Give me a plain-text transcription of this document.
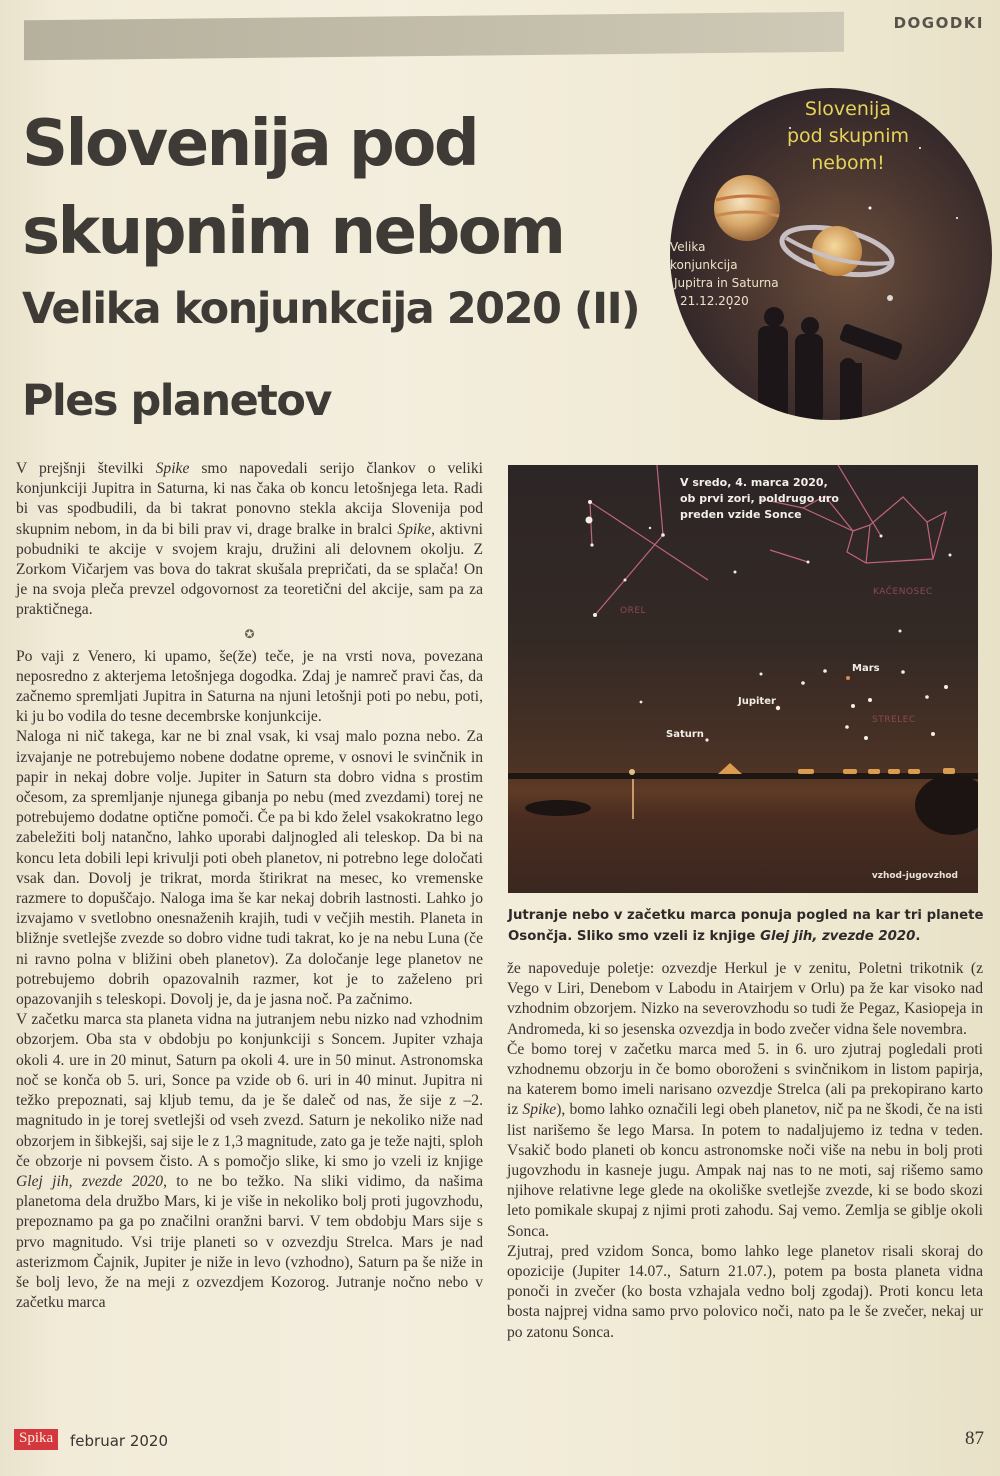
DOGODKI
Slovenija pod skupnim nebom
Velika konjunkcija 2020 (II)
Ples planetov
Slovenija
pod skupnim
nebom!
Velika
konjunkcija
Jupitra in Saturna
21.12.2020

V prejšnji številki Spike smo napovedali serijo člankov o veliki konjunkciji Jupitra in Saturna, ki nas čaka ob koncu letošnjega leta. Radi bi vas spodbudili, da bi takrat ponovno stekla akcija Slovenija pod skupnim nebom, in da bi bili prav vi, drage bralke in bralci Spike, aktivni pobudniki te akcije v svojem kraju, družini ali delovnem okolju. Z Zorkom Vičarjem vas bova do takrat skušala prepričati, da se splača! On je na svoja pleča prevzel odgovornost za teoretični del akcije, sam pa za praktičnega.

✪

Po vaji z Venero, ki upamo, še(že) teče, je na vrsti nova, povezana neposredno z akterjema letošnjega dogodka. Zdaj je namreč pravi čas, da začnemo spremljati Jupitra in Saturna na njuni letošnji poti po nebu, poti, ki ju bo vodila do tesne decembrske konjunkcije.

Naloga ni nič takega, kar ne bi znal vsak, ki vsaj malo pozna nebo. Za izvajanje ne potrebujemo nobene dodatne opreme, v osnovi le svinčnik in papir in nekaj dobre volje. Jupiter in Saturn sta dobro vidna s prostim očesom, za spremljanje njunega gibanja po nebu (med zvezdami) torej ne potrebujemo dodatne optične pomoči. Če pa bi kdo želel vsakokratno lego zabeležiti bolj natančno, lahko uporabi daljnogled ali teleskop. Da bi na koncu leta dobili lepi krivulji poti obeh planetov, ni potrebno lege določati vsak dan. Dovolj je trikrat, morda štirikrat na mesec, ko vremenske razmere to dopuščajo. Naloga ima še kar nekaj dobrih lastnosti. Lahko jo izvajamo v svetlobno onesnaženih krajih, tudi v večjih mestih. Planeta in bližnje svetlejše zvezde so dobro vidne tudi takrat, ko je na nebu Luna (če ni ravno polna v bližini obeh planetov). Za določanje lege planetov ne potrebujemo dobrih opazovalnih razmer, kot je to zaželeno pri opazovanjih s teleskopi. Dovolj je, da je jasna noč. Pa začnimo.

V začetku marca sta planeta vidna na jutranjem nebu nizko nad vzhodnim obzorjem. Oba sta v obdobju po konjunkciji s Soncem. Jupiter vzhaja okoli 4. ure in 20 minut, Saturn pa okoli 4. ure in 50 minut. Astronomska noč se konča ob 5. uri, Sonce pa vzide ob 6. uri in 40 minut. Jupitra ni težko prepoznati, saj kljub temu, da je še daleč od nas, že sije z –2. magnitudo in je torej svetlejši od vseh zvezd. Saturn je nekoliko niže nad obzorjem in šibkejši, saj sije le z 1,3 magnitude, zato ga je teže najti, sploh če obzorje ni povsem čisto. A s pomočjo slike, ki smo jo vzeli iz knjige Glej jih, zvezde 2020, to ne bo težko. Na sliki vidimo, da našima planetoma dela družbo Mars, ki je više in nekoliko bolj proti jugovzhodu, prepoznamo pa ga po značilni oranžni barvi. V tem obdobju Mars sije s prvo magnitudo. Vsi trije planeti so v ozvezdju Strelca. Mars je nad asterizmom Čajnik, Jupiter je niže in levo (vzhodno), Saturn pa še niže in še bolj levo, že na meji z ozvezdjem Kozorog. Jutranje nočno nebo v začetku marca

V sredo, 4. marca 2020,
ob prvi zori, poldrugo uro
preden vzide Sonce
Mars
Jupiter
Saturn
OREL
KAČENOSEC
STRELEC
vzhod-jugovzhod
Jutranje nebo v začetku marca ponuja pogled na kar tri planete Osončja. Sliko smo vzeli iz knjige Glej jih, zvezde 2020.

že napoveduje poletje: ozvezdje Herkul je v zenitu, Poletni trikotnik (z Vego v Liri, Denebom v Labodu in Atairjem v Orlu) pa že kar visoko nad vzhodnim obzorjem. Nizko na severovzhodu so tudi že Pegaz, Kasiopeja in Andromeda, ki so jesenska ozvezdja in bodo zvečer vidna šele novembra.

Če bomo torej v začetku marca med 5. in 6. uro zjutraj pogledali proti vzhodnemu obzorju in če bomo oboroženi s svinčnikom in listom papirja, na katerem bomo imeli narisano ozvezdje Strelca (ali pa prekopirano karto iz Spike), bomo lahko označili legi obeh planetov, nič pa ne škodi, če na isti list narišemo še lego Marsa. In potem to nadaljujemo iz tedna v teden. Vsakič bodo planeti ob koncu astronomske noči više na nebu in bolj proti jugovzhodu in kasneje jugu. Ampak naj nas to ne moti, saj rišemo samo njihove relativne lege glede na okoliške svetlejše zvezde, ki se bodo skozi leto pomikale skupaj z njimi proti zahodu. Saj vemo. Zemlja se giblje okoli Sonca.

Zjutraj, pred vzidom Sonca, bomo lahko lege planetov risali skoraj do opozicije (Jupiter 14.07., Saturn 21.07.), potem pa bosta planeta vidna ponoči in zvečer (ko bosta vzhajala vedno bolj zgodaj). Proti koncu leta bosta najprej vidna samo prvo polovico noči, nato pa le še zvečer, nekaj ur po zatonu Sonca.

Spika	februar 2020	87
